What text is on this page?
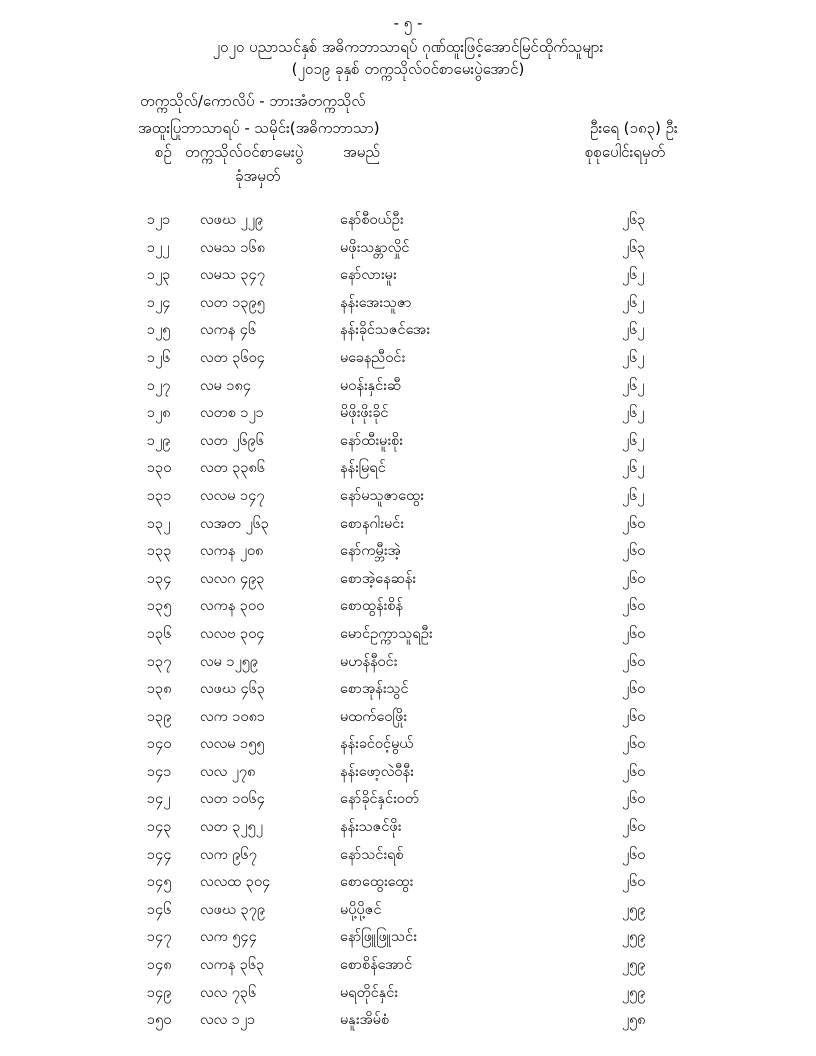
- ၅ -
၂၀၂၀ ပညာသင်နှစ် အဓိကဘာသာရပ် ဂုဏ်ထူးဖြင့်အောင်မြင်ထိုက်သူများ
(၂၀၁၉ ခုနှစ် တက္ကသိုလ်ဝင်စာမေးပွဲအောင်)
တက္ကသိုလ်/ကောလိပ် - ဘားအံတက္ကသိုလ်
အထူးပြုဘာသာရပ် - သမိုင်း(အဓိကဘာသာ)	ဦးရေ (၁၈၃) ဦး
စဉ် တက္ကသိုလ်ဝင်စာမေးပွဲ
ခုံအမှတ်
အမည်	စုစုပေါင်းရမှတ်
၁၂၁ လဖဃ ၂၂၉	နော်စီဝယ်ဦး	၂၆၃
၁၂၂ လမသ ၁၆၈	မဖိုးသန္တာလှိုင်	၂၆၃
၁၂၃ လမသ ၃၄၇	နော်လားမူး	၂၆၂
၁၂၄ လတ ၁၃၉၅	နန်းအေးသူဇာ	၂၆၂
၁၂၅ လကန ၄၆	နန်းခိုင်သဇင်အေး	၂၆၂
၁၂၆ လတ ၃၆၀၄	မခေနညီဝင်း	၂၆၂
၁၂၇ လမ ၁၈၄	မဝန်းနှင်းဆီ	၂၆၂
၁၂၈ လတစ ၁၂၁	မိဖိုးဖိုးခိုင်	၂၆၂
၁၂၉ လတ ၂၆၉၆	နော်ထီးမူးစိုး	၂၆၂
၁၃၀ လတ ၃၃၈၆	နန်းမြရင်	၂၆၂
၁၃၁ လလမ ၁၄၇	နော်မသူဇာထွေး	၂၆၂
၁၃၂ လအတ ၂၆၃	စောနဂါးမင်း	၂၆၀
၁၃၃ လကန ၂၀၈	နော်ကမ္ဘီးအဲ့	၂၆၀
၁၃၄ လလဂ ၄၉၃	စောအဲ့နေဆန်း	၂၆၀
၁၃၅ လကန ၃၀၀	စောထွန်းစိန်	၂၆၀
၁၃၆ လလဗ ၃၀၄	မောင်ဥက္ကာသူရဦး	၂၆၀
၁၃၇ လမ ၁၂၅၉	မဟန်နီဝင်း	၂၆၀
၁၃၈ လဖဃ ၄၆၃	စောအုန်းသွင်	၂၆၀
၁၃၉ လက ၁၀၈၁	မထက်ဝေဖြိုး	၂၆၀
၁၄၀ လလမ ၁၅၅	နန်းခင်ဝင့်မွယ်	၂၆၀
၁၄၁ လလ ၂၇၈	နန်းဖော့လဲဝီနီး	၂၆၀
၁၄၂ လတ ၁၀၆၄	နော်ခိုင်နှင်းဝတ်	၂၆၀
၁၄၃ လတ ၃၂၅၂	နန်းသဇင်ဖိုး	၂၆၀
၁၄၄ လက ၉၆၇	နော်သင်းရစ်	၂၆၀
၁၄၅ လလထ ၃၀၄	စောထွေးထွေး	၂၆၀
၁၄၆ လဖဃ ၃၇၉	မပို့ပို့ဇင်	၂၅၉
၁၄၇ လက ၅၄၄	နော်ဖြူဖြူသင်း	၂၅၉
၁၄၈ လကန ၃၆၃	စောစိန်အောင်	၂၅၉
၁၄၉ လလ ၇၃၆	မရတိုင်နှင်း	၂၅၉
၁၅၀ လလ ၁၂၁	မနူးအိမ်စံ	၂၅၈
